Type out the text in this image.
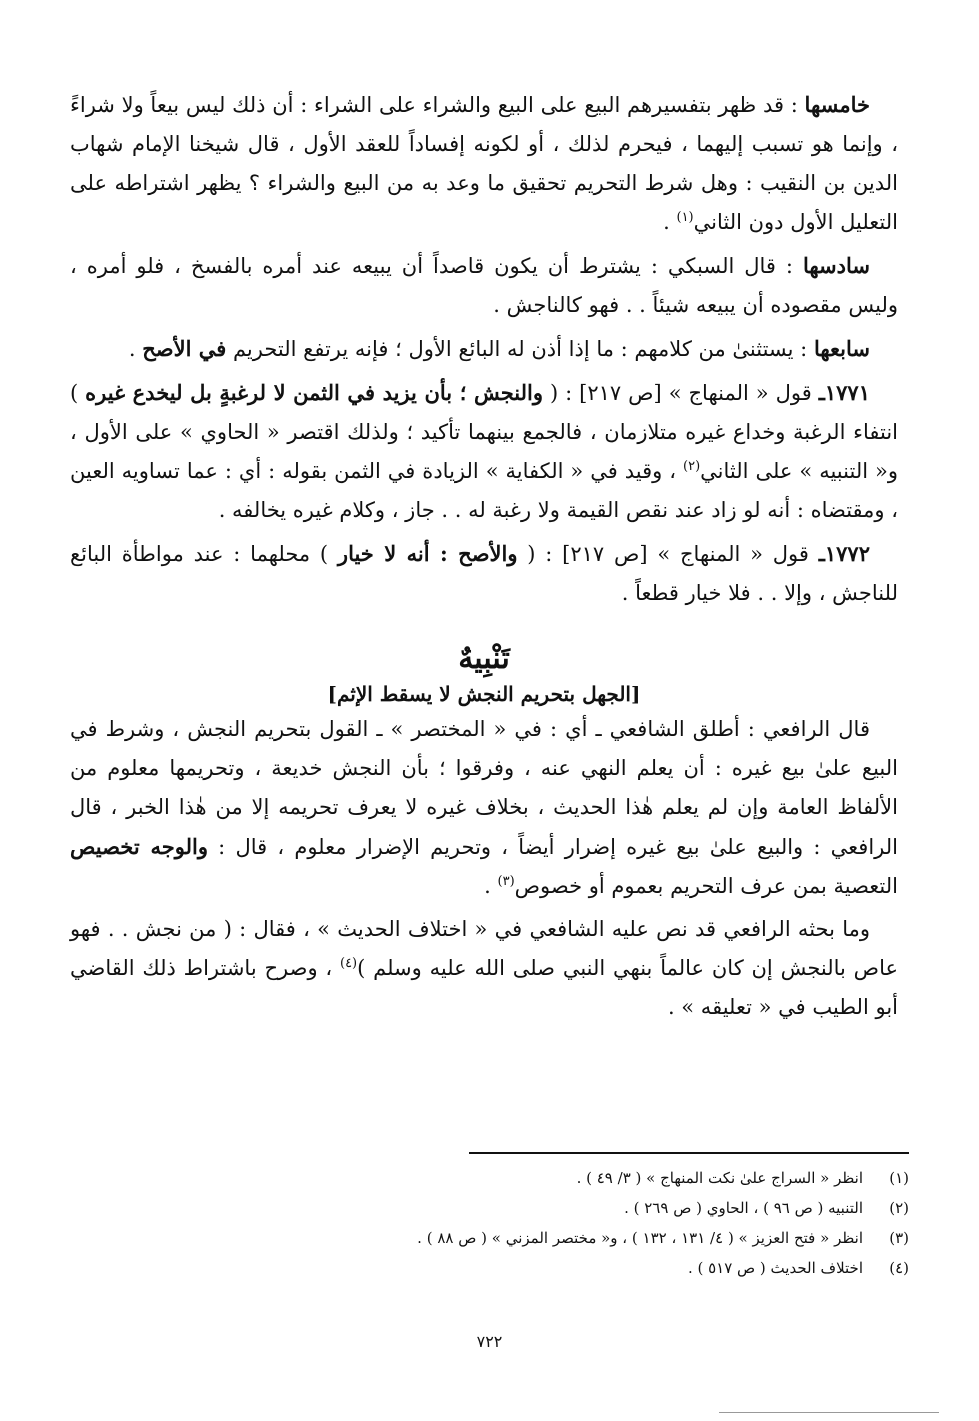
خامسها : قد ظهر بتفسيرهم البيع على البيع والشراء على الشراء : أن ذلك ليس بيعاً ولا شراءً ، وإنما هو تسبب إليهما ، فيحرم لذلك ، أو لكونه إفساداً للعقد الأول ، قال شيخنا الإمام شهاب الدين بن النقيب : وهل شرط التحريم تحقيق ما وعد به من البيع والشراء ؟ يظهر اشتراطه على التعليل الأول دون الثاني$^{(١)}$ .

سادسها : قال السبكي : يشترط أن يكون قاصداً أن يبيعه عند أمره بالفسخ ، فلو أمره ، وليس مقصوده أن يبيعه شيئاً . . فهو كالناجش .

سابعها : يستثنىٰ من كلامهم : ما إذا أذن له البائع الأول ؛ فإنه يرتفع التحريم في الأصح .

١٧٧١ـ قول « المنهاج » [ص ٢١٧] : ( والنجش ؛ بأن يزيد في الثمن لا لرغبةٍ بل ليخدع غيره ) انتفاء الرغبة وخداع غيره متلازمان ، فالجمع بينهما تأكيد ؛ ولذلك اقتصر « الحاوي » على الأول ، و« التنبيه » على الثاني$^{(٢)}$ ، وقيد في « الكفاية » الزيادة في الثمن بقوله : أي : عما تساويه العين ، ومقتضاه : أنه لو زاد عند نقص القيمة ولا رغبة له . . جاز ، وكلام غيره يخالفه .

١٧٧٢ـ قول « المنهاج » [ص ٢١٧] : ( والأصح : أنه لا خيار ) محلهما : عند مواطأة البائع للناجش ، وإلا . . فلا خيار قطعاً .

تَنْبِيهٌ
[الجهل بتحريم النجش لا يسقط الإثم]

قال الرافعي : أطلق الشافعي ـ أي : في « المختصر » ـ القول بتحريم النجش ، وشرط في البيع علىٰ بيع غيره : أن يعلم النهي عنه ، وفرقوا ؛ بأن النجش خديعة ، وتحريمها معلوم من الألفاظ العامة وإن لم يعلم هٰذا الحديث ، بخلاف غيره لا يعرف تحريمه إلا من هٰذا الخبر ، قال الرافعي : والبيع علىٰ بيع غيره إضرار أيضاً ، وتحريم الإضرار معلوم ، قال : والوجه تخصيص التعصية بمن عرف التحريم بعموم أو خصوص$^{(٣)}$ .

وما بحثه الرافعي قد نص عليه الشافعي في « اختلاف الحديث » ، فقال : ( من نجش . . فهو عاص بالنجش إن كان عالماً بنهي النبي صلى الله عليه وسلم )$^{(٤)}$ ، وصرح باشتراط ذلك القاضي أبو الطيب في « تعليقه » .

(١)
انظر « السراج علىٰ نكت المنهاج » ( ٣/ ٤٩ ) .
(٢)
التنبيه ( ص ٩٦ ) ، الحاوي ( ص ٢٦٩ ) .
(٣)
انظر « فتح العزيز » ( ٤/ ١٣١ ، ١٣٢ ) ، و« مختصر المزني » ( ص ٨٨ ) .
(٤)
اختلاف الحديث ( ص ٥١٧ ) .
٧٢٢
